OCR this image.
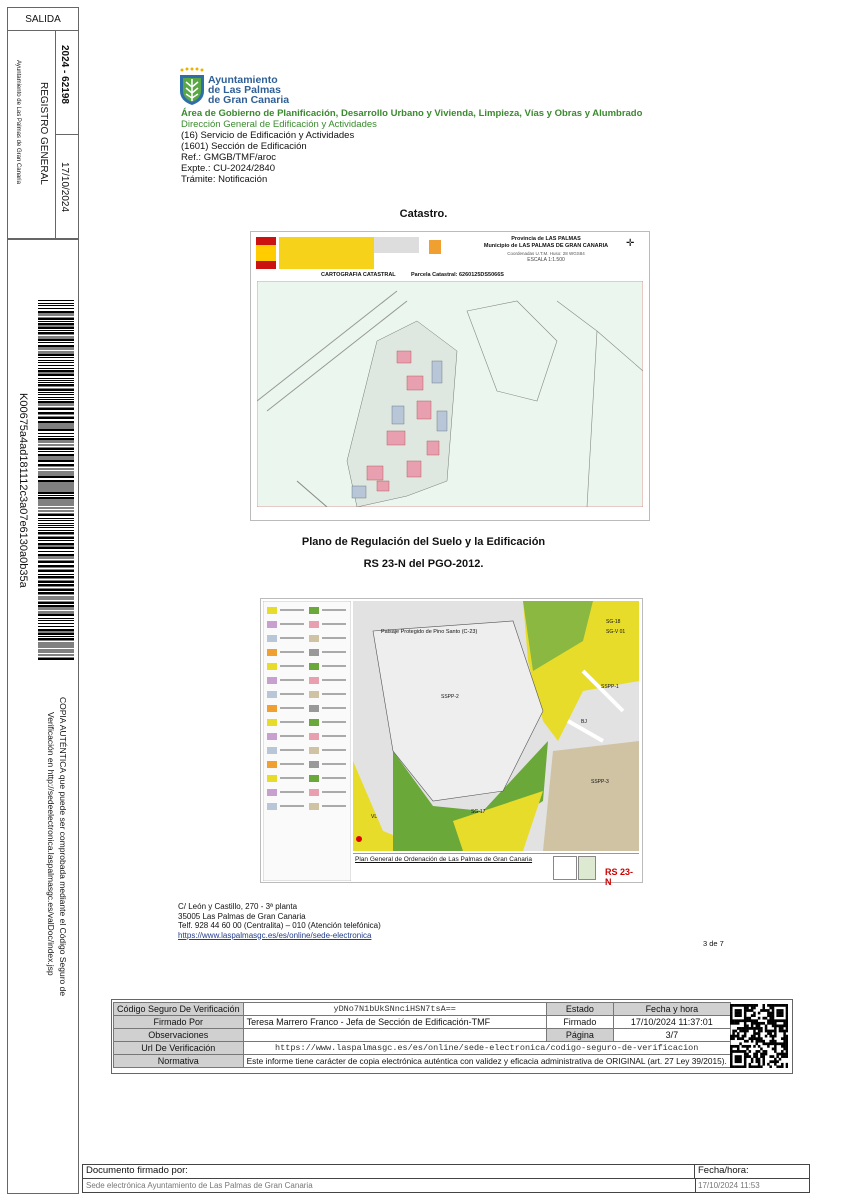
SALIDA
2024 - 62198
17/10/2024
REGISTRO GENERAL
Ayuntamiento de Las Palmas de Gran Canaria
K00675a4ad181112c3a07e6130a0b35a
COPIA AUTÉNTICA que puede ser comprobada mediante el Código Seguro de
Verificación en http://sedeelectronica.laspalmasgc.es/valDoc/index.jsp
Ayuntamiento
de Las Palmas
de Gran Canaria
Área de Gobierno de Planificación, Desarrollo Urbano y Vivienda, Limpieza, Vías y Obras y Alumbrado
Dirección General de Edificación y Actividades
(16) Servicio de Edificación y Actividades
(1601) Sección de Edificación
Ref.: GMGB/TMF/aroc
Expte.: CU-2024/2840
Trámite: Notificación
Catastro.
Provincia de LAS PALMAS
Municipio de LAS PALMAS DE GRAN CANARIA
Coordenadas U.T.M. Huso: 28 WGS84
ESCALA 1:1.500
✛
CARTOGRAFIA CATASTRAL	Parcela Catastral: 6260125DS5066S
Plano de Regulación del Suelo y la Edificación
RS 23-N del PGO-2012.
Paisaje Protegido de Pino Santo (C-23)
SG-18
SG-V 01
SSPP-1
SSPP-2
BJ
SG-17
SSPP-3
VL
Plan General de Ordenación de Las Palmas de Gran Canaria
RS 23-N
C/ León y Castillo, 270 - 3ª planta
35005 Las Palmas de Gran Canaria
Telf. 928 44 60 00 (Centralita) – 010 (Atención telefónica)
https://www.laspalmasgc.es/es/online/sede-electronica
3 de 7
Código Seguro De Verificación	yDNo7N1bUkSNnciHSN7tsA==	Estado	Fecha y hora
Firmado Por	Teresa Marrero Franco - Jefa de Sección de Edificación-TMF	Firmado	17/10/2024 11:37:01
Observaciones		Página	3/7
Url De Verificación	https://www.laspalmasgc.es/es/online/sede-electronica/codigo-seguro-de-verificacion		
Normativa	Este informe tiene carácter de copia electrónica auténtica con validez y eficacia administrativa de ORIGINAL (art. 27 Ley 39/2015).		
Documento firmado por:	Fecha/hora:
Sede electrónica Ayuntamiento de Las Palmas de Gran Canaria	17/10/2024 11:53
